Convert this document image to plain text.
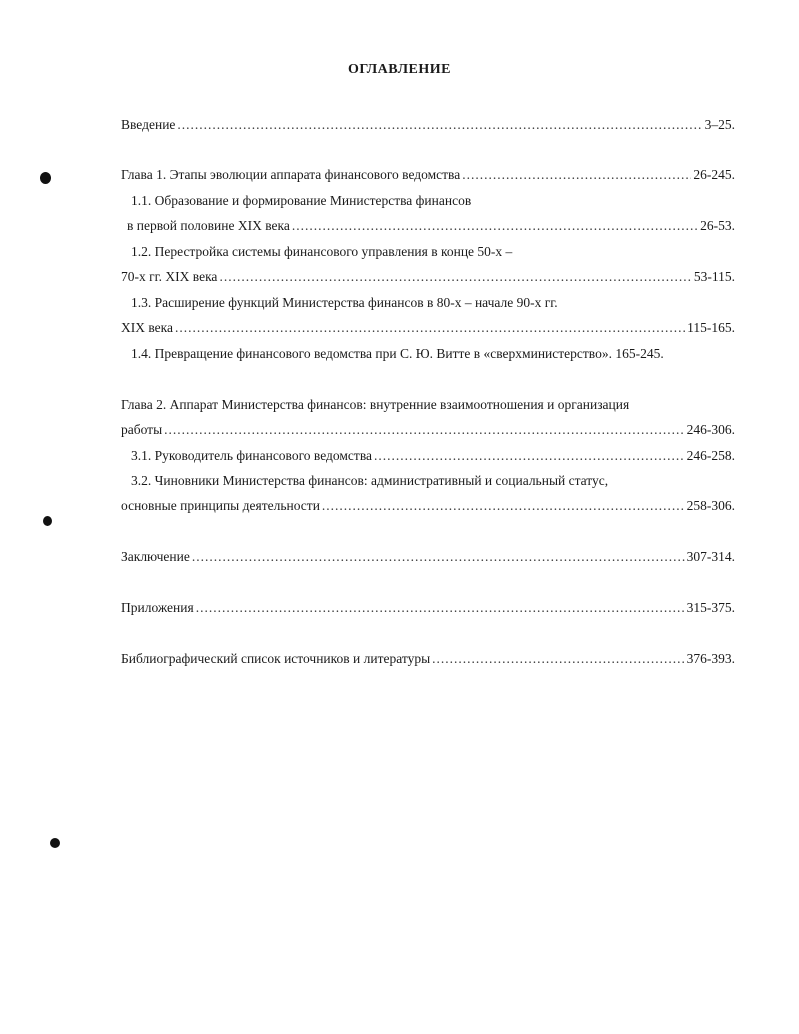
ОГЛАВЛЕНИЕ
Введение .....	3–25.
Глава 1. Этапы эволюции аппарата финансового ведомства .....	26-245.
1.1. Образование и формирование Министерства финансов
в первой половине XIX века .....	26-53.
1.2. Перестройка системы финансового управления в конце 50-х –
70-х гг. XIX века .....	53-115.
1.3. Расширение функций Министерства финансов в 80-х – начале 90-х гг.
XIX века .....	115-165.
1.4. Превращение финансового ведомства при С. Ю. Витте в «сверхминистерство». 165-245.
Глава 2. Аппарат Министерства финансов: внутренние взаимоотношения и организация
работы .....	246-306.
3.1. Руководитель финансового ведомства .....	246-258.
3.2. Чиновники Министерства финансов: административный и социальный статус,
основные принципы деятельности .....	258-306.
Заключение .....	307-314.
Приложения .....	315-375.
Библиографический список источников и литературы .....	376-393.
